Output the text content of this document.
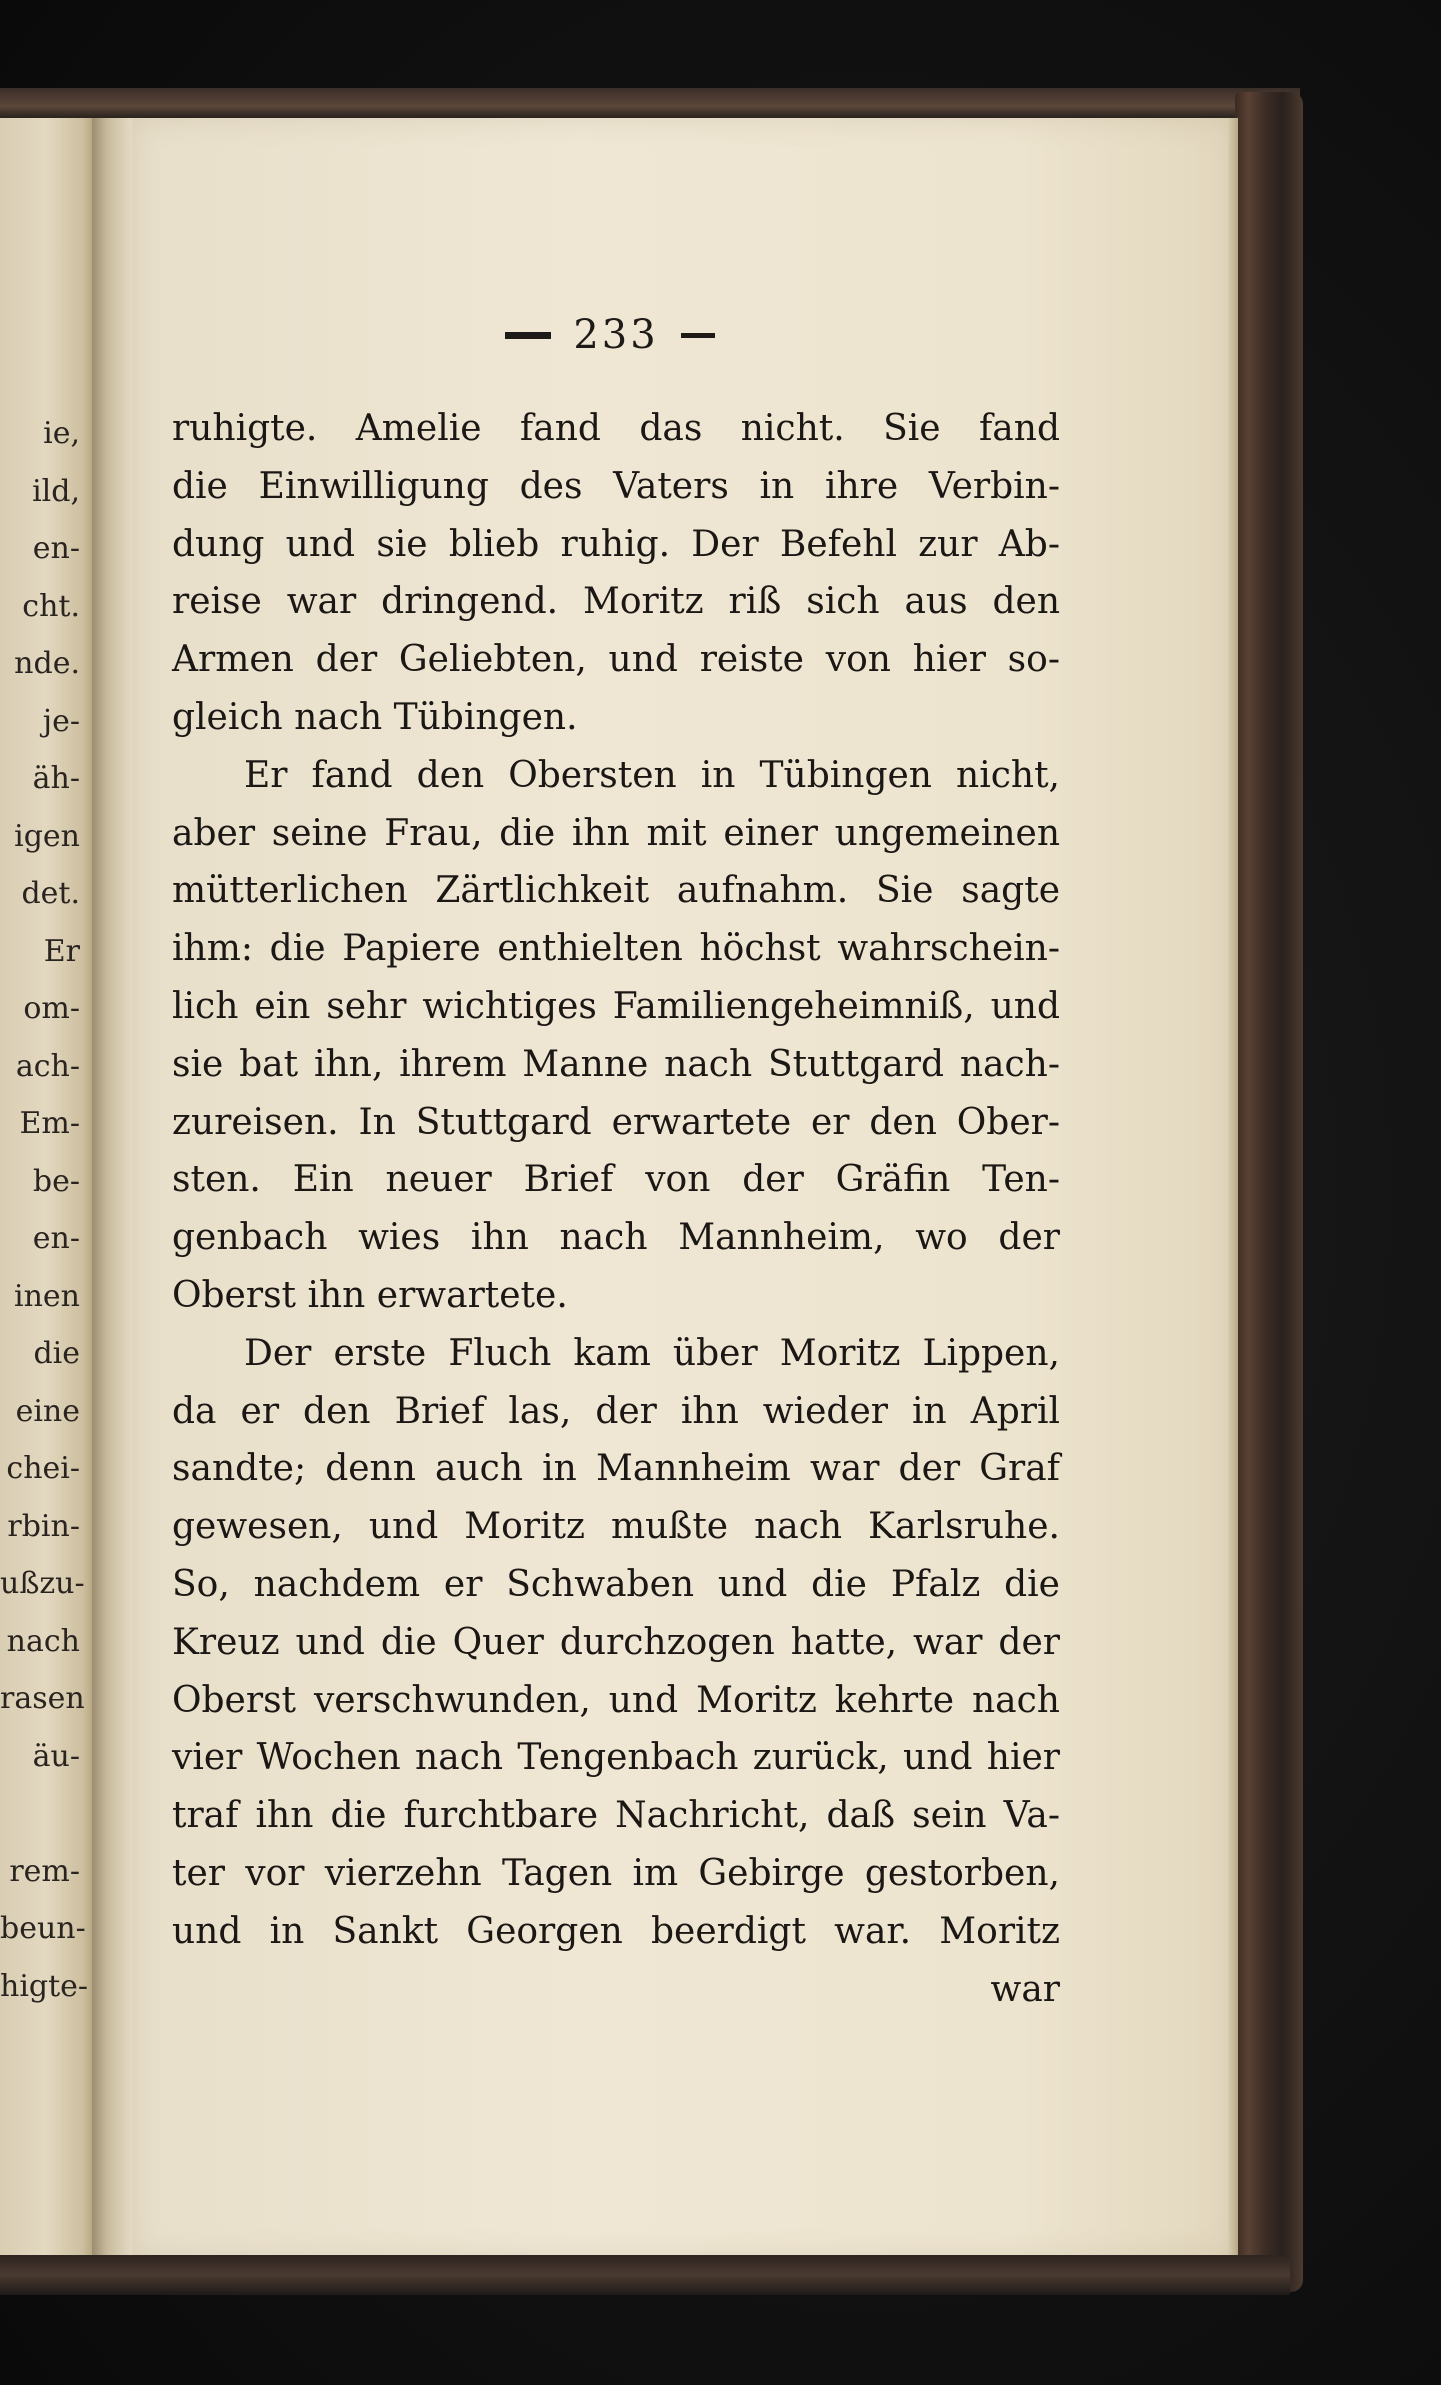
ie,
ild,
en-
cht.
nde.
je-
äh-
igen
det.
Er
om-
ach-
Em-
be-
en-
inen
die
eine
chei-
rbin-
ußzu-
nach
rasen
äu-
rem-
beun-
higte-
233
ruhigte. Amelie fand das nicht. Sie fand
die Einwilligung des Vaters in ihre Verbin-
dung und sie blieb ruhig. Der Befehl zur Ab-
reise war dringend. Moritz riß sich aus den
Armen der Geliebten, und reiste von hier so-
gleich nach Tübingen.
Er fand den Obersten in Tübingen nicht,
aber seine Frau, die ihn mit einer ungemeinen
mütterlichen Zärtlichkeit aufnahm. Sie sagte
ihm: die Papiere enthielten höchst wahrschein-
lich ein sehr wichtiges Familiengeheimniß, und
sie bat ihn, ihrem Manne nach Stuttgard nach-
zureisen. In Stuttgard erwartete er den Ober-
sten. Ein neuer Brief von der Gräfin Ten-
genbach wies ihn nach Mannheim, wo der
Oberst ihn erwartete.
Der erste Fluch kam über Moritz Lippen,
da er den Brief las, der ihn wieder in April
sandte; denn auch in Mannheim war der Graf
gewesen, und Moritz mußte nach Karlsruhe.
So, nachdem er Schwaben und die Pfalz die
Kreuz und die Quer durchzogen hatte, war der
Oberst verschwunden, und Moritz kehrte nach
vier Wochen nach Tengenbach zurück, und hier
traf ihn die furchtbare Nachricht, daß sein Va-
ter vor vierzehn Tagen im Gebirge gestorben,
und in Sankt Georgen beerdigt war. Moritz
war
